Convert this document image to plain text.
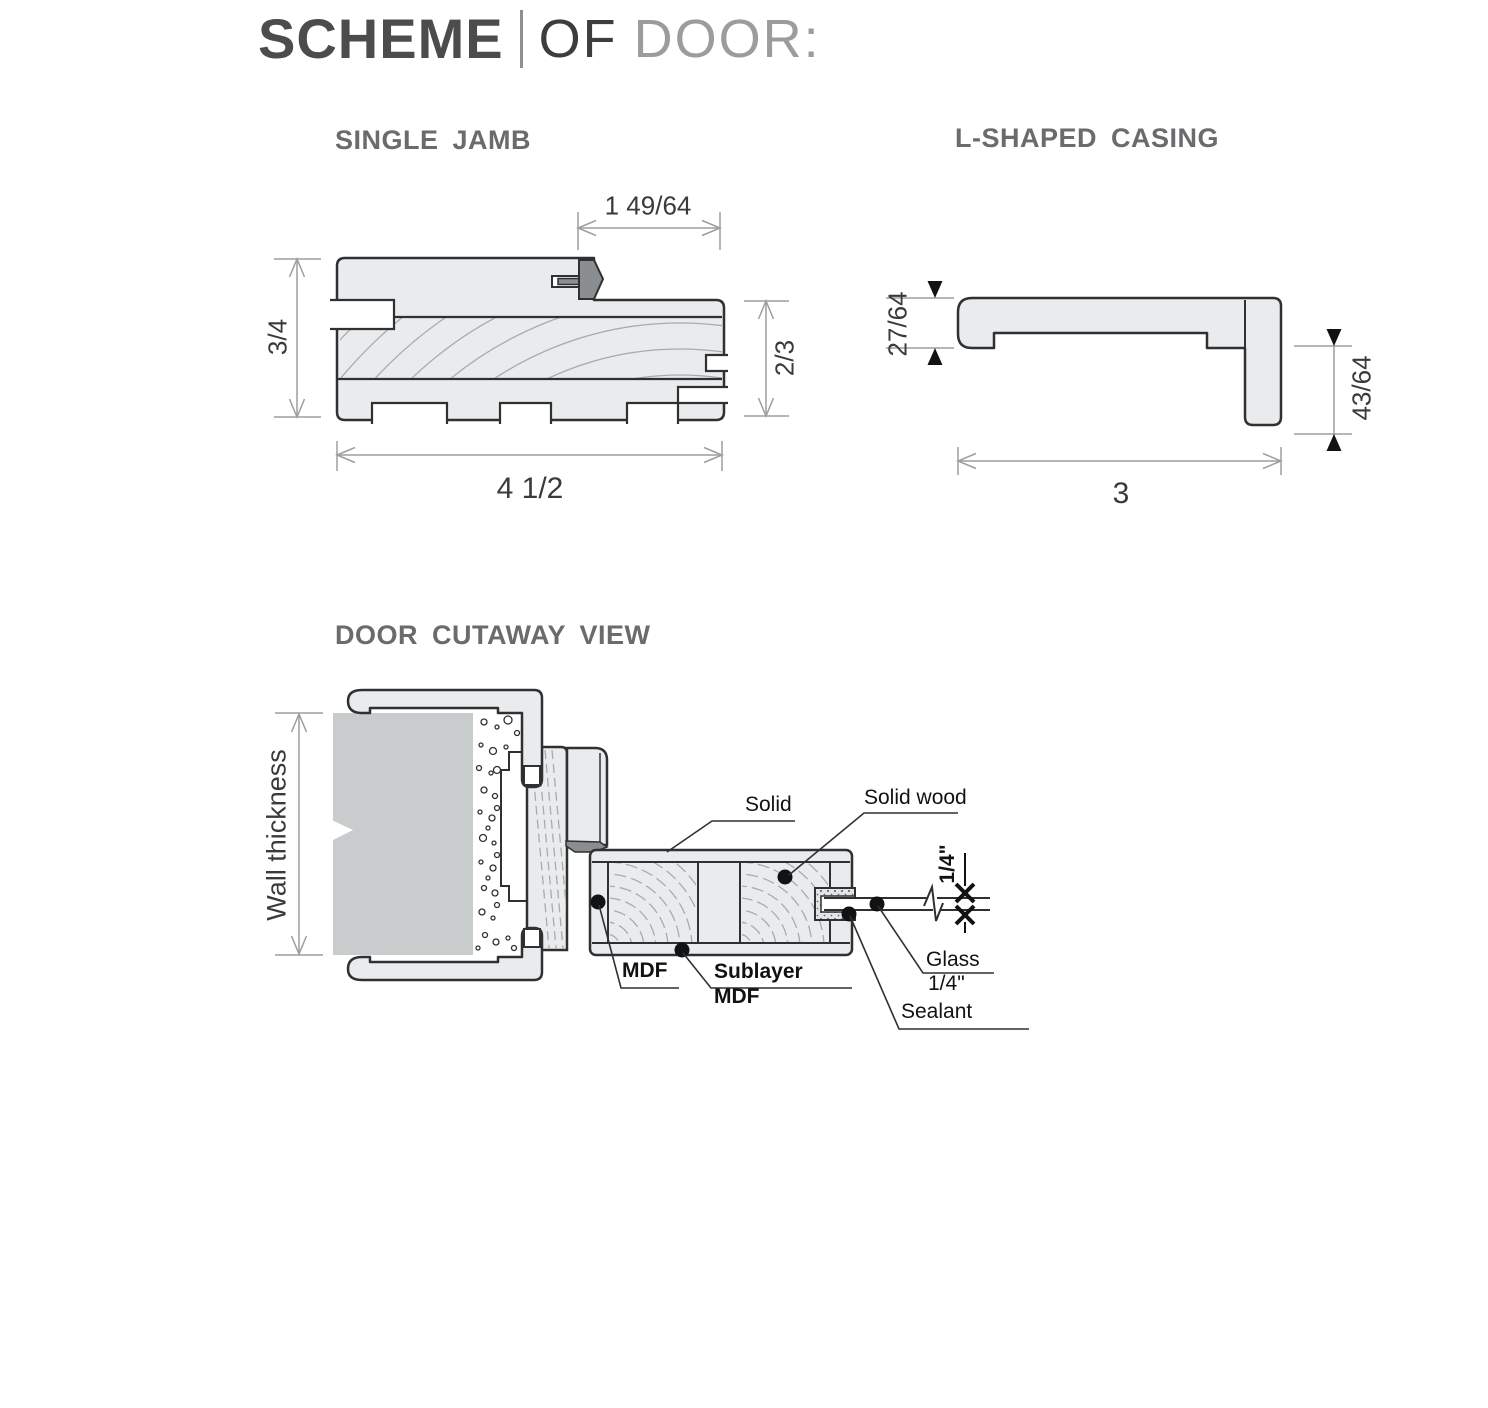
SCHEME OF DOOR:
SINGLE JAMB	L-SHAPED CASING
DOOR CUTAWAY VIEW
1 49/64
3/4
2/3
4 1/2
27/64
43/64
3
Wall thickness	Solid	Solid wood
1/4"
MDF Sublayer
MDF
Glass
1/4"
Sealant
